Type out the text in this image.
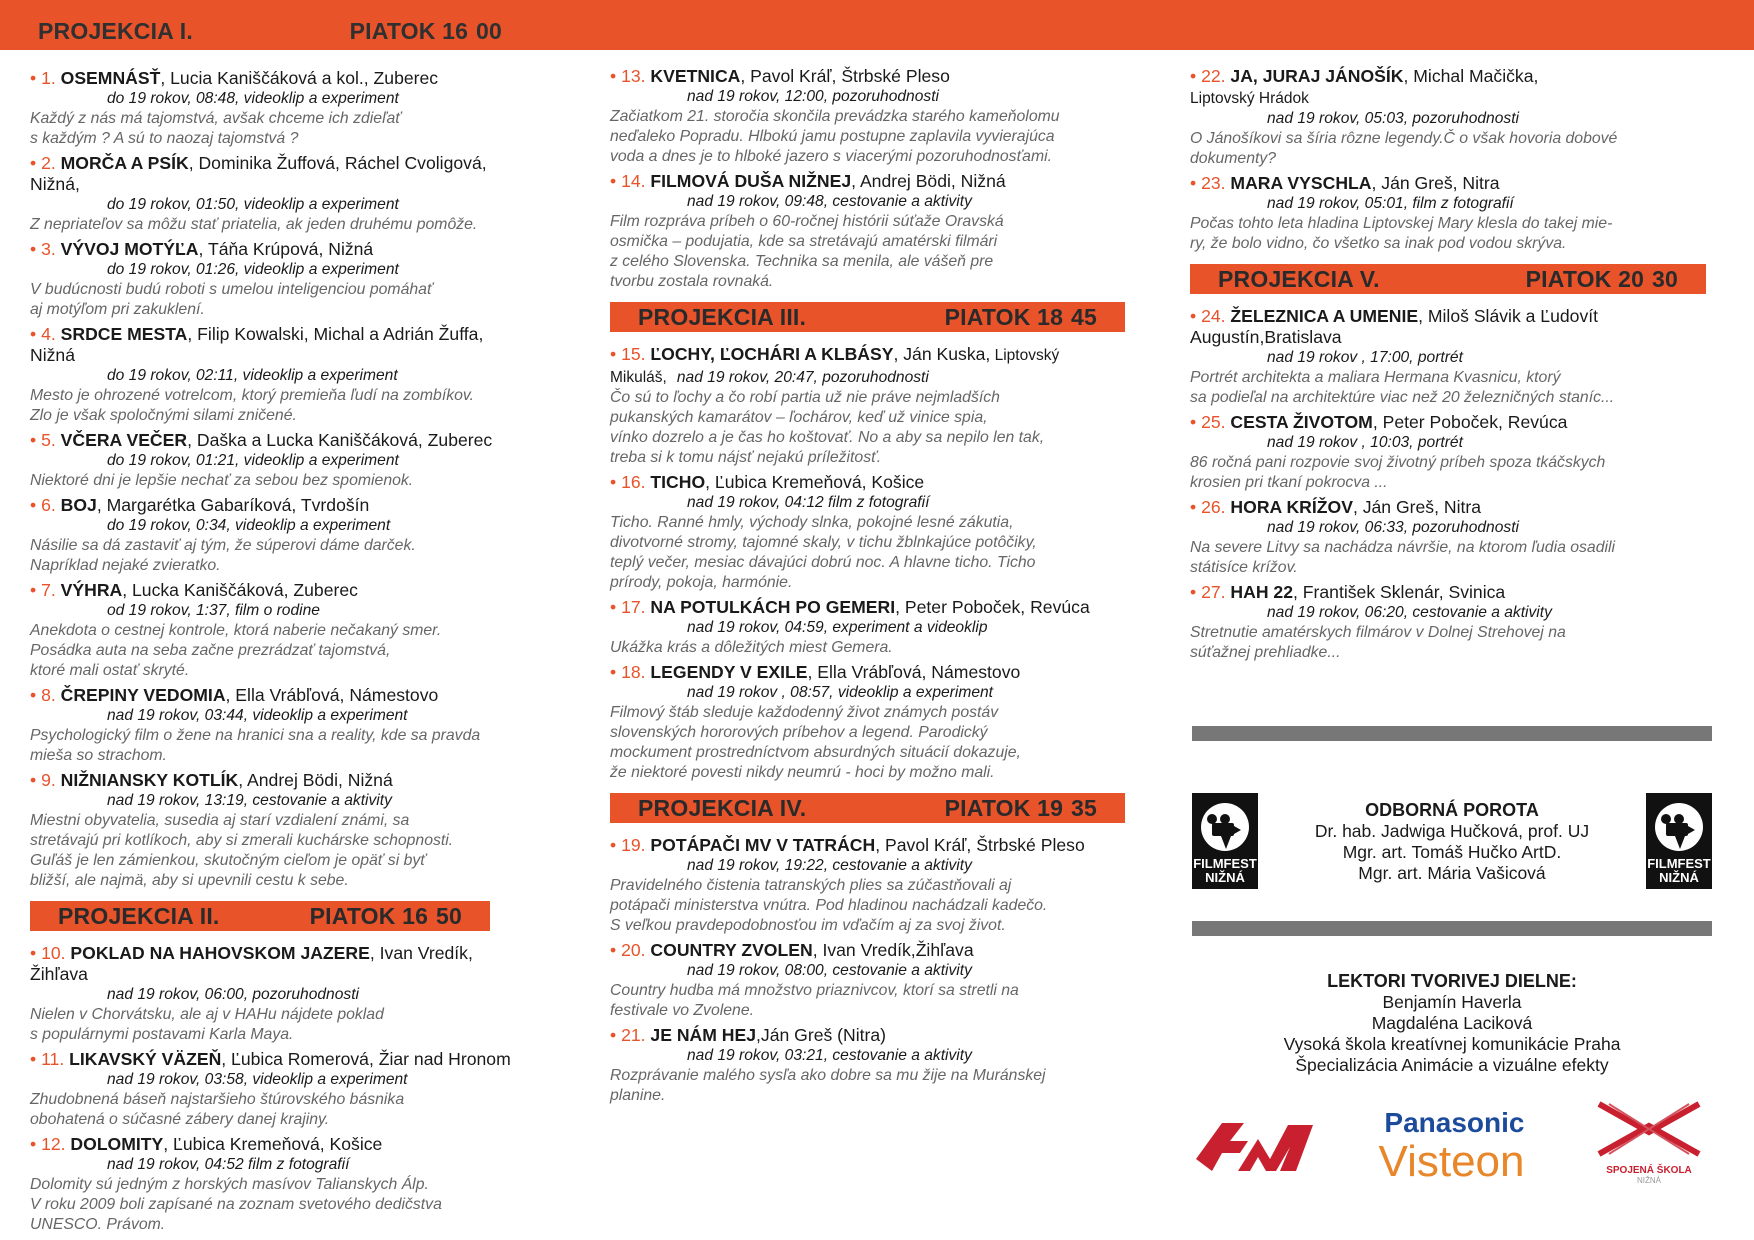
PROJEKCIA I.	PIATOK 16:00
• 1. OSEMNÁSŤ, Lucia Kaniščáková a kol., Zuberec
do 19 rokov, 08:48, videoklip a experiment
Každý z nás má tajomstvá, avšak chceme ich zdieľať
s každým ? A sú to naozaj tajomstvá ?
• 2. MORČA A PSÍK, Dominika Žuffová, Ráchel Cvoligová,
Nižná,
do 19 rokov, 01:50, videoklip a experiment
Z nepriateľov sa môžu stať priatelia, ak jeden druhému pomôže.
• 3. VÝVOJ MOTÝĽA, Táňa Krúpová, Nižná
do 19 rokov, 01:26, videoklip a experiment
V budúcnosti budú roboti s umelou inteligenciou pomáhať
aj motýľom pri zakuklení.
• 4. SRDCE MESTA, Filip Kowalski, Michal a Adrián Žuffa,
Nižná
do 19 rokov, 02:11, videoklip a experiment
Mesto je ohrozené votrelcom, ktorý premieňa ľudí na zombíkov.
Zlo je však spoločnými silami zničené.
• 5. VČERA VEČER, Daška a Lucka Kaniščáková, Zuberec
do 19 rokov, 01:21, videoklip a experiment
Niektoré dni je lepšie nechať za sebou bez spomienok.
• 6. BOJ, Margarétka Gabaríková, Tvrdošín
do 19 rokov, 0:34, videoklip a experiment
Násilie sa dá zastaviť aj tým, že súperovi dáme darček.
Napríklad nejaké zvieratko.
• 7. VÝHRA, Lucka Kaniščáková, Zuberec
od 19 rokov, 1:37, film o rodine
Anekdota o cestnej kontrole, ktorá naberie nečakaný smer.
Posádka auta na seba začne prezrádzať tajomstvá,
ktoré mali ostať skryté.
• 8. ČREPINY VEDOMIA, Ella Vrábľová, Námestovo
nad 19 rokov, 03:44, videoklip a experiment
Psychologický film o žene na hranici sna a reality, kde sa pravda
mieša so strachom.
• 9. NIŽNIANSKY KOTLÍK, Andrej Bödi, Nižná
nad 19 rokov, 13:19, cestovanie a aktivity
Miestni obyvatelia, susedia aj starí vzdialení známi, sa
stretávajú pri kotlíkoch, aby si zmerali kuchárske schopnosti.
Guľáš je len zámienkou, skutočným cieľom je opäť si byť
bližší, ale najmä, aby si upevnili cestu k sebe.
PROJEKCIA II.	PIATOK 16:50
• 10. POKLAD NA HAHOVSKOM JAZERE, Ivan Vredík,
Žihľava
nad 19 rokov, 06:00, pozoruhodnosti
Nielen v Chorvátsku, ale aj v HAHu nájdete poklad
s populárnymi postavami Karla Maya.
• 11. LIKAVSKÝ VÄZEŇ, Ľubica Romerová, Žiar nad Hronom
nad 19 rokov, 03:58, videoklip a experiment
Zhudobnená báseň najstaršieho štúrovského básnika
obohatená o súčasné zábery danej krajiny.
• 12. DOLOMITY, Ľubica Kremeňová, Košice
nad 19 rokov, 04:52 film z fotografií
Dolomity sú jedným z horských masívov Talianskych Álp.
V roku 2009 boli zapísané na zoznam svetového dedičstva
UNESCO. Právom.
• 13. KVETNICA, Pavol Kráľ, Štrbské Pleso
nad 19 rokov, 12:00, pozoruhodnosti
Začiatkom 21. storočia skončila prevádzka starého kameňolomu
neďaleko Popradu. Hlbokú jamu postupne zaplavila vyvierajúca
voda a dnes je to hlboké jazero s viacerými pozoruhodnosťami.
• 14. FILMOVÁ DUŠA NIŽNEJ, Andrej Bödi, Nižná
nad 19 rokov, 09:48, cestovanie a aktivity
Film rozpráva príbeh o 60-ročnej histórii súťaže Oravská
osmička – podujatia, kde sa stretávajú amatérski filmári
z celého Slovenska. Technika sa menila, ale vášeň pre
tvorbu zostala rovnaká.
PROJEKCIA III.	PIATOK 18:45
• 15. ĽOCHY, ĽOCHÁRI A KLBÁSY, Ján Kuska, Liptovský
Mikuláš, nad 19 rokov, 20:47, pozoruhodnosti
Čo sú to ľochy a čo robí partia už nie práve nejmladších
pukanských kamarátov – ľochárov, keď už vinice spia,
vínko dozrelo a je čas ho koštovať. No a aby sa nepilo len tak,
treba si k tomu nájsť nejakú príležitosť.
• 16. TICHO, Ľubica Kremeňová, Košice
nad 19 rokov, 04:12 film z fotografií
Ticho. Ranné hmly, východy slnka, pokojné lesné zákutia,
divotvorné stromy, tajomné skaly, v tichu žblnkajúce potôčiky,
teplý večer, mesiac dávajúci dobrú noc. A hlavne ticho. Ticho
prírody, pokoja, harmónie.
• 17. NA POTULKÁCH PO GEMERI, Peter Poboček, Revúca
nad 19 rokov, 04:59, experiment a videoklip
Ukážka krás a dôležitých miest Gemera.
• 18. LEGENDY V EXILE, Ella Vrábľová, Námestovo
nad 19 rokov , 08:57, videoklip a experiment
Filmový štáb sleduje každodenný život známych postáv
slovenských hororových príbehov a legend. Parodický
mockument prostredníctvom absurdných situácií dokazuje,
že niektoré povesti nikdy neumrú - hoci by možno mali.
PROJEKCIA IV.	PIATOK 19:35
• 19. POTÁPAČI MV V TATRÁCH, Pavol Kráľ, Štrbské Pleso
nad 19 rokov, 19:22, cestovanie a aktivity
Pravidelného čistenia tatranských plies sa zúčastňovali aj
potápači ministerstva vnútra. Pod hladinou nachádzali kadečo.
S veľkou pravdepodobnosťou im vďačím aj za svoj život.
• 20. COUNTRY ZVOLEN, Ivan Vredík,Žihľava
nad 19 rokov, 08:00, cestovanie a aktivity
Country hudba má množstvo priaznivcov, ktorí sa stretli na
festivale vo Zvolene.
• 21. JE NÁM HEJ,Ján Greš (Nitra)
nad 19 rokov, 03:21, cestovanie a aktivity
Rozprávanie malého sysľa ako dobre sa mu žije na Muránskej
planine.
• 22. JA, JURAJ JÁNOŠÍK, Michal Mačička,
Liptovský Hrádok
nad 19 rokov, 05:03, pozoruhodnosti
O Jánošíkovi sa šíria rôzne legendy.Č o však hovoria dobové
dokumenty?
• 23. MARA VYSCHLA, Ján Greš, Nitra
nad 19 rokov, 05:01, film z fotografií
Počas tohto leta hladina Liptovskej Mary klesla do takej mie-
ry, že bolo vidno, čo všetko sa inak pod vodou skrýva.
PROJEKCIA V.	PIATOK 20:30
• 24. ŽELEZNICA A UMENIE, Miloš Slávik a Ľudovít
Augustín,Bratislava
nad 19 rokov , 17:00, portrét
Portrét architekta a maliara Hermana Kvasnicu, ktorý
sa podieľal na architektúre viac než 20 železničných staníc...
• 25. CESTA ŽIVOTOM, Peter Poboček, Revúca
nad 19 rokov , 10:03, portrét
86 ročná pani rozpovie svoj životný príbeh spoza tkáčskych
krosien pri tkaní pokrocva ...
• 26. HORA KRÍŽOV, Ján Greš, Nitra
nad 19 rokov, 06:33, pozoruhodnosti
Na severe Litvy sa nachádza návršie, na ktorom ľudia osadili
státisíce krížov.
• 27. HAH 22, František Sklenár, Svinica
nad 19 rokov, 06:20, cestovanie a aktivity
Stretnutie amatérskych filmárov v Dolnej Strehovej na
súťažnej prehliadke...
FILMFEST
NIŽNÁ
ODBORNÁ POROTA
Dr. hab. Jadwiga Hučková, prof. UJ
Mgr. art. Tomáš Hučko ArtD.
Mgr. art. Mária Vašicová	FILMFEST
NIŽNÁ
LEKTORI TVORIVEJ DIELNE:
Benjamín Haverla
Magdaléna Laciková
Vysoká škola kreatívnej komunikácie Praha
Špecializácia Animácie a vizuálne efekty
Panasonic
Visteon	SPOJENÁ ŠKOLA
NIŽNÁ
